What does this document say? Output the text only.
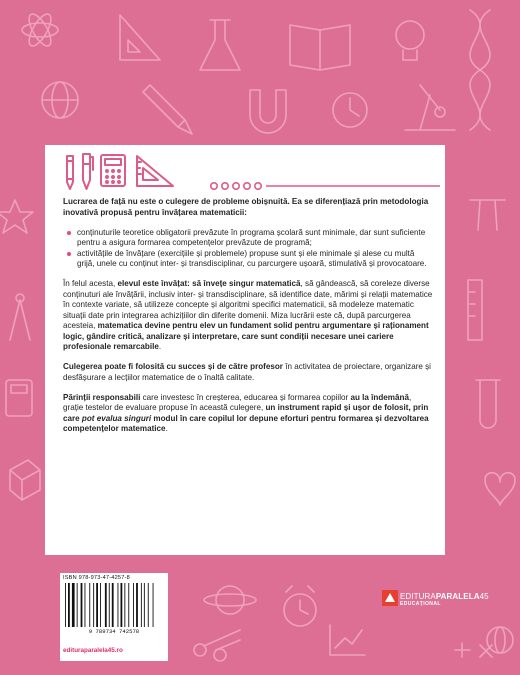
Lucrarea de față nu este o culegere de probleme obișnuită. Ea se diferențiază prin metodologia inovativă propusă pentru învățarea matematicii:

conținuturile teoretice obligatorii prevăzute în programa școlară sunt minimale, dar sunt suficiente pentru a asigura formarea competențelor prevăzute de programă;
activitățile de învățare (exercițiile și problemele) propuse sunt și ele minimale și alese cu multă grijă, unele cu conținut inter- și transdisciplinar, cu parcurgere ușoară, stimulativă și provocatoare.

În felul acesta, elevul este învățat: să învețe singur matematică, să gândească, să coreleze diverse conținuturi ale învățării, inclusiv inter- și transdisciplinare, să identifice date, mărimi și relații matematice în contexte variate, să utilizeze concepte și algoritmi specifici matematicii, să modeleze matematic situații date prin integrarea achizițiilor din diferite domenii. Miza lucrării este că, după parcurgerea acesteia, matematica devine pentru elev un fundament solid pentru argumentare și raționament logic, gândire critică, analizare și interpretare, care sunt condiții necesare unei cariere profesionale remarcabile.

Culegerea poate fi folosită cu succes și de către profesor în activitatea de proiectare, organizare și desfășurare a lecțiilor matematice de o înaltă calitate.

Părinții responsabili care investesc în creșterea, educarea și formarea copiilor au la îndemână, grație testelor de evaluare propuse în această culegere, un instrument rapid și ușor de folosit, prin care pot evalua singuri modul în care copilul lor depune eforturi pentru formarea și dezvoltarea competențelor matematice.

ISBN 978-973-47-4257-8
9 789734 742578
edituraparalela45.ro
EDITURAPARALELA45
EDUCAȚIONAL
